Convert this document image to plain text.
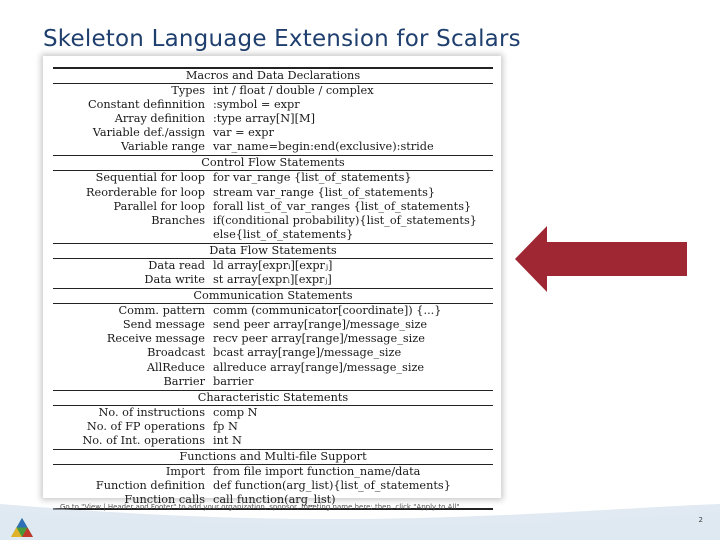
Skeleton Language Extension for Scalars
Macros and Data Declarations
Types int / float / double / complex
Constant definnition :symbol = expr
Array definition :type array[N][M]
Variable def./assign var = expr
Variable range var_name=begin:end(exclusive):stride
Control Flow Statements
Sequential for loop for var_range {list_of_statements}
Reorderable for loop stream var_range {list_of_statements}
Parallel for loop forall list_of_var_ranges {list_of_statements}
Branches if(conditional probability){list_of_statements}
else{list_of_statements}
Data Flow Statements
Data read ld array[exprᵢ][exprⱼ]
Data write st array[exprᵢ][exprⱼ]
Communication Statements
Comm. pattern comm (communicator[coordinate]) {...}
Send message send peer array[range]/message_size
Receive message recv peer array[range]/message_size
Broadcast bcast array[range]/message_size
AllReduce allreduce array[range]/message_size
Barrier barrier
Characteristic Statements
No. of instructions comp N
No. of FP operations fp N
No. of Int. operations int N
Functions and Multi-file Support
Import from file import function_name/data
Function definition def function(arg_list){list_of_statements}
Function calls call function(arg_list)
Go to "View | Header and Footer" to add your organization, sponsor, meeting name here; then, click "Apply to All"
2
